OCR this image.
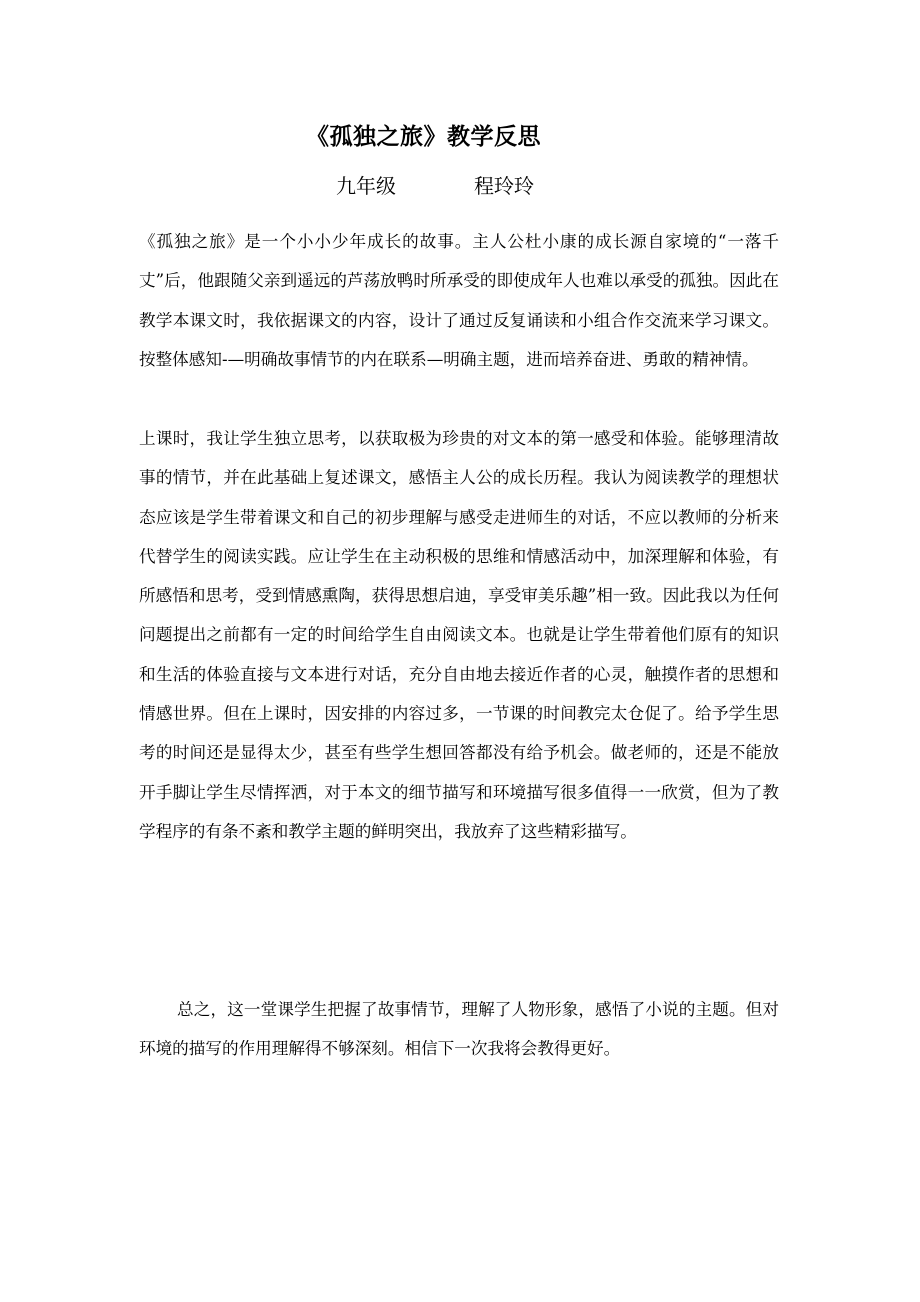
《孤独之旅》教学反思
九年级	程玲玲
《孤独之旅》是一个小小少年成长的故事。主人公杜小康的成长源自家境的“一落千丈”后，他跟随父亲到遥远的芦荡放鸭时所承受的即使成年人也难以承受的孤独。因此在教学本课文时，我依据课文的内容，设计了通过反复诵读和小组合作交流来学习课文。按整体感知-—明确故事情节的内在联系—明确主题，进而培养奋进、勇敢的精神情。
上课时，我让学生独立思考，以获取极为珍贵的对文本的第一感受和体验。能够理清故事的情节，并在此基础上复述课文，感悟主人公的成长历程。我认为阅读教学的理想状态应该是学生带着课文和自己的初步理解与感受走进师生的对话，不应以教师的分析来代替学生的阅读实践。应让学生在主动积极的思维和情感活动中，加深理解和体验，有所感悟和思考，受到情感熏陶，获得思想启迪，享受审美乐趣”相一致。因此我以为任何问题提出之前都有一定的时间给学生自由阅读文本。也就是让学生带着他们原有的知识和生活的体验直接与文本进行对话，充分自由地去接近作者的心灵，触摸作者的思想和情感世界。但在上课时，因安排的内容过多，一节课的时间教完太仓促了。给予学生思考的时间还是显得太少，甚至有些学生想回答都没有给予机会。做老师的，还是不能放开手脚让学生尽情挥洒，对于本文的细节描写和环境描写很多值得一一欣赏，但为了教学程序的有条不紊和教学主题的鲜明突出，我放弃了这些精彩描写。
总之，这一堂课学生把握了故事情节，理解了人物形象，感悟了小说的主题。但对环境的描写的作用理解得不够深刻。相信下一次我将会教得更好。
